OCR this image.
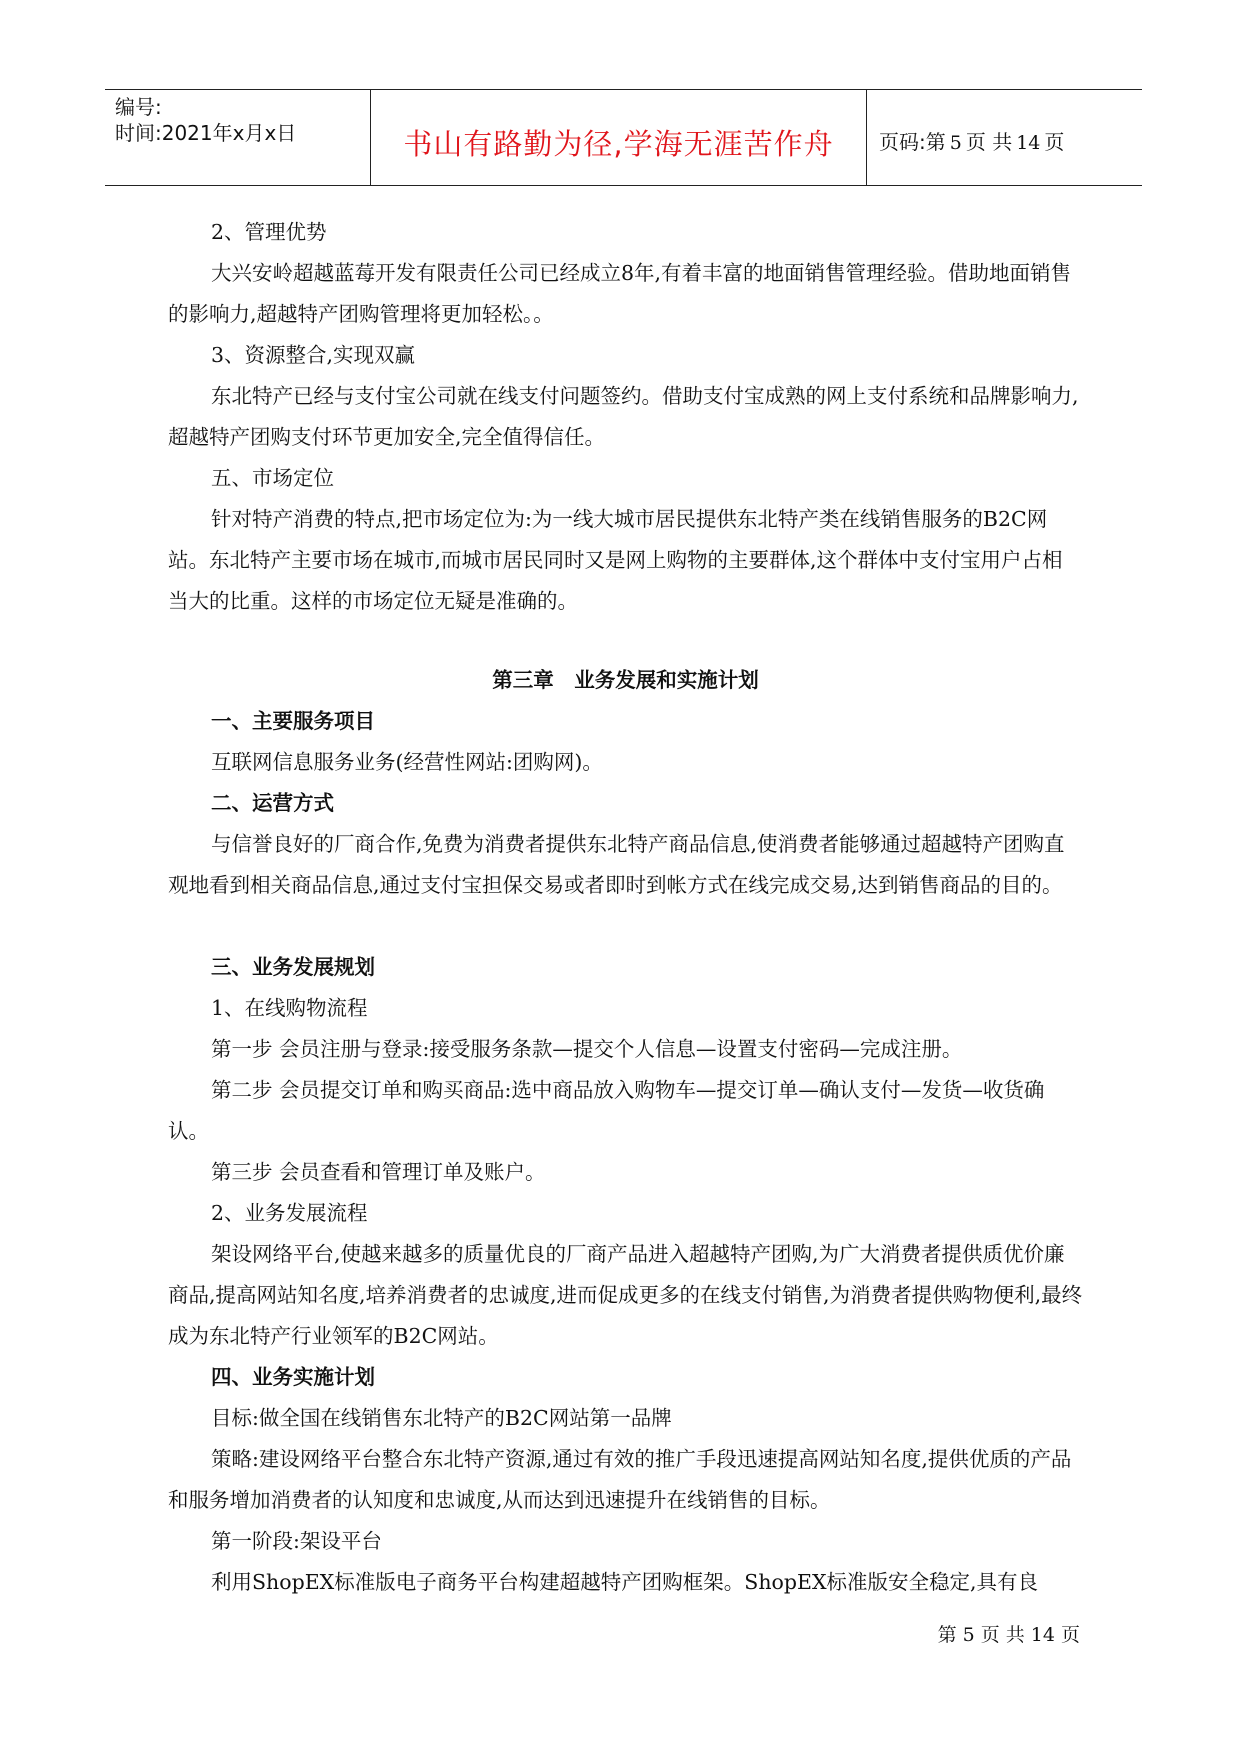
编号:
时间:2021年x月x日	书山有路勤为径,学海无涯苦作舟	页码:第 5 页 共 14 页

2、管理优势

大兴安岭超越蓝莓开发有限责任公司已经成立8年,有着丰富的地面销售管理经验。借助地面销售的影响力,超越特产团购管理将更加轻松。。

3、资源整合,实现双赢

东北特产已经与支付宝公司就在线支付问题签约。借助支付宝成熟的网上支付系统和品牌影响力,超越特产团购支付环节更加安全,完全值得信任。

五、市场定位

针对特产消费的特点,把市场定位为:为一线大城市居民提供东北特产类在线销售服务的B2C网站。东北特产主要市场在城市,而城市居民同时又是网上购物的主要群体,这个群体中支付宝用户占相当大的比重。这样的市场定位无疑是准确的。

第三章　业务发展和实施计划

一、主要服务项目

互联网信息服务业务(经营性网站:团购网)。

二、运营方式

与信誉良好的厂商合作,免费为消费者提供东北特产商品信息,使消费者能够通过超越特产团购直观地看到相关商品信息,通过支付宝担保交易或者即时到帐方式在线完成交易,达到销售商品的目的。

三、业务发展规划

1、在线购物流程

第一步 会员注册与登录:接受服务条款—提交个人信息—设置支付密码—完成注册。

第二步 会员提交订单和购买商品:选中商品放入购物车—提交订单—确认支付—发货—收货确认。

第三步 会员查看和管理订单及账户。

2、业务发展流程

架设网络平台,使越来越多的质量优良的厂商产品进入超越特产团购,为广大消费者提供质优价廉商品,提高网站知名度,培养消费者的忠诚度,进而促成更多的在线支付销售,为消费者提供购物便利,最终成为东北特产行业领军的B2C网站。

四、业务实施计划

目标:做全国在线销售东北特产的B2C网站第一品牌

策略:建设网络平台整合东北特产资源,通过有效的推广手段迅速提高网站知名度,提供优质的产品和服务增加消费者的认知度和忠诚度,从而达到迅速提升在线销售的目标。

第一阶段:架设平台

利用ShopEX标准版电子商务平台构建超越特产团购框架。ShopEX标准版安全稳定,具有良

第 5 页 共 14 页
